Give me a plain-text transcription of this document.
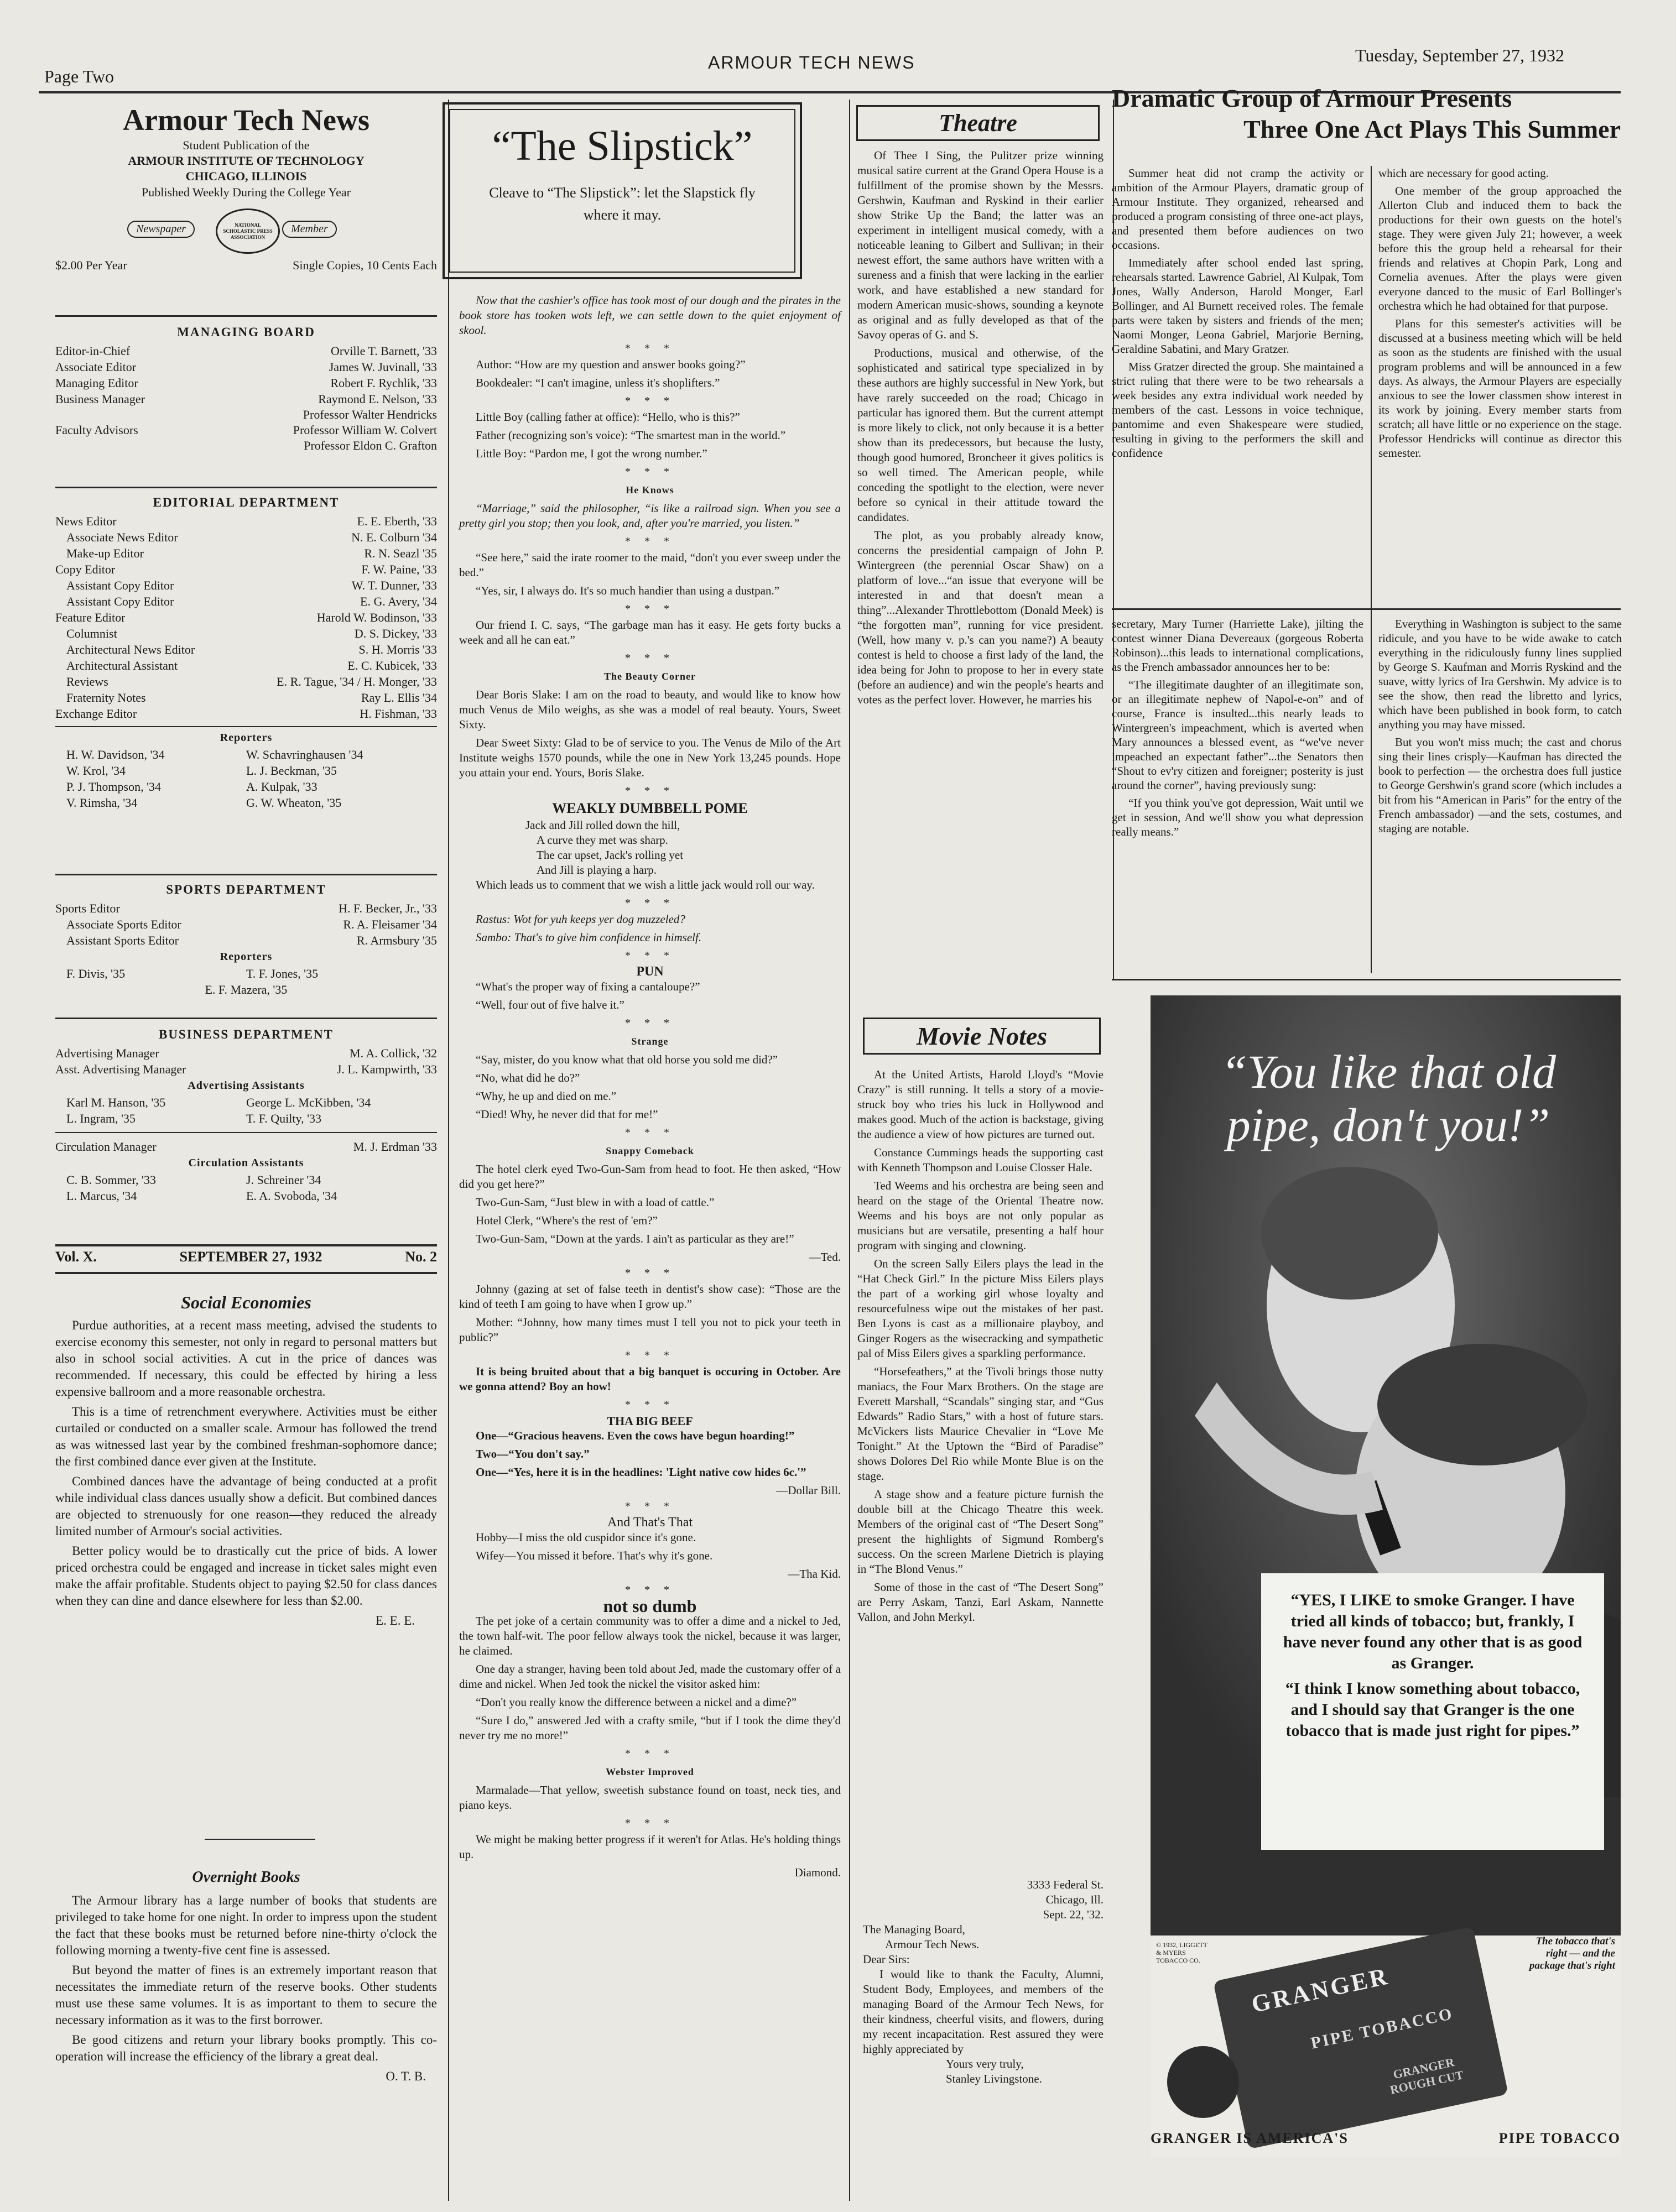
Page Two
ARMOUR TECH NEWS	Tuesday, September 27, 1932
Armour Tech News
Student Publication of the
ARMOUR INSTITUTE OF TECHNOLOGY
CHICAGO, ILLINOIS
Published Weekly During the College Year
Newspaper	NATIONAL SCHOLASTIC PRESS ASSOCIATION
Member
$2.00 Per Year	Single Copies, 10 Cents Each
MANAGING BOARD
Editor-in-Chief	Orville T. Barnett, '33
Associate Editor	James W. Juvinall, '33
Managing Editor	Robert F. Rychlik, '33
Business Manager	Raymond E. Nelson, '33
Faculty Advisors
Professor Walter Hendricks
Professor William W. Colvert
Professor Eldon C. Grafton
EDITORIAL DEPARTMENT
News Editor	E. E. Eberth, '33
Associate News Editor	N. E. Colburn '34
Make-up Editor	R. N. Seazl '35
Copy Editor	F. W. Paine, '33
Assistant Copy Editor	W. T. Dunner, '33
Assistant Copy Editor	E. G. Avery, '34
Feature Editor	Harold W. Bodinson, '33
Columnist	D. S. Dickey, '33
Architectural News Editor	S. H. Morris '33
Architectural Assistant	E. C. Kubicek, '33
Reviews	E. R. Tague, '34 / H. Monger, '33
Fraternity Notes	Ray L. Ellis '34
Exchange Editor	H. Fishman, '33
Reporters
H. W. Davidson, '34	W. Schavringhausen '34
W. Krol, '34	L. J. Beckman, '35
P. J. Thompson, '34	A. Kulpak, '33
V. Rimsha, '34	G. W. Wheaton, '35
SPORTS DEPARTMENT
Sports Editor	H. F. Becker, Jr., '33
Associate Sports Editor	R. A. Fleisamer '34
Assistant Sports Editor	R. Armsbury '35
Reporters
F. Divis, '35	T. F. Jones, '35
E. F. Mazera, '35
BUSINESS DEPARTMENT
Advertising Manager	M. A. Collick, '32
Asst. Advertising Manager	J. L. Kampwirth, '33
Advertising Assistants
Karl M. Hanson, '35	George L. McKibben, '34
L. Ingram, '35	T. F. Quilty, '33
Circulation Manager	M. J. Erdman '33
Circulation Assistants
C. B. Sommer, '33	J. Schreiner '34
L. Marcus, '34	E. A. Svoboda, '34
Vol. X.	SEPTEMBER 27, 1932	No. 2
Social Economies

Purdue authorities, at a recent mass meeting, advised the students to exercise economy this semester, not only in regard to personal matters but also in school social activities. A cut in the price of dances was recommended. If necessary, this could be effected by hiring a less expensive ballroom and a more reasonable orchestra.

This is a time of retrenchment everywhere. Activities must be either curtailed or conducted on a smaller scale. Armour has followed the trend as was witnessed last year by the combined freshman-sophomore dance; the first combined dance ever given at the Institute.

Combined dances have the advantage of being conducted at a profit while individual class dances usually show a deficit. But combined dances are objected to strenuously for one reason—they reduced the already limited number of Armour's social activities.

Better policy would be to drastically cut the price of bids. A lower priced orchestra could be engaged and increase in ticket sales might even make the affair profitable. Students object to paying $2.50 for class dances when they can dine and dance elsewhere for less than $2.00.

E. E. E.
Overnight Books

The Armour library has a large number of books that students are privileged to take home for one night. In order to impress upon the student the fact that these books must be returned before nine-thirty o'clock the following morning a twenty-five cent fine is assessed.

But beyond the matter of fines is an extremely important reason that necessitates the immediate return of the reserve books. Other students must use these same volumes. It is as important to them to secure the necessary information as it was to the first borrower.

Be good citizens and return your library books promptly. This co-operation will increase the efficiency of the library a great deal.

O. T. B.
“The Slipstick”
Cleave to “The Slipstick”: let the Slapstick fly where it may.

Now that the cashier's office has took most of our dough and the pirates in the book store has tooken wots left, we can settle down to the quiet enjoyment of skool.

* * *

Author: “How are my question and answer books going?”

Bookdealer: “I can't imagine, unless it's shoplifters.”

* * *

Little Boy (calling father at office): “Hello, who is this?”

Father (recognizing son's voice): “The smartest man in the world.”

Little Boy: “Pardon me, I got the wrong number.”

* * *
He Knows

“Marriage,” said the philosopher, “is like a railroad sign. When you see a pretty girl you stop; then you look, and, after you're married, you listen.”

* * *

“See here,” said the irate roomer to the maid, “don't you ever sweep under the bed.”

“Yes, sir, I always do. It's so much handier than using a dustpan.”

* * *

Our friend I. C. says, “The garbage man has it easy. He gets forty bucks a week and all he can eat.”

* * *
The Beauty Corner

Dear Boris Slake: I am on the road to beauty, and would like to know how much Venus de Milo weighs, as she was a model of real beauty. Yours, Sweet Sixty.

Dear Sweet Sixty: Glad to be of service to you. The Venus de Milo of the Art Institute weighs 1570 pounds, while the one in New York 13,245 pounds. Hope you attain your end. Yours, Boris Slake.

* * *
WEAKLY DUMBBELL POME
Jack and Jill rolled down the hill,
A curve they met was sharp.
The car upset, Jack's rolling yet
And Jill is playing a harp.

Which leads us to comment that we wish a little jack would roll our way.

* * *

Rastus: Wot for yuh keeps yer dog muzzeled?

Sambo: That's to give him confidence in himself.

* * *
PUN

“What's the proper way of fixing a cantaloupe?”

“Well, four out of five halve it.”

* * *
Strange

“Say, mister, do you know what that old horse you sold me did?”

“No, what did he do?”

“Why, he up and died on me.”

“Died! Why, he never did that for me!”

* * *
Snappy Comeback

The hotel clerk eyed Two-Gun-Sam from head to foot. He then asked, “How did you get here?”

Two-Gun-Sam, “Just blew in with a load of cattle.”

Hotel Clerk, “Where's the rest of 'em?”

Two-Gun-Sam, “Down at the yards. I ain't as particular as they are!”

—Ted.
* * *

Johnny (gazing at set of false teeth in dentist's show case): “Those are the kind of teeth I am going to have when I grow up.”

Mother: “Johnny, how many times must I tell you not to pick your teeth in public?”

* * *

It is being bruited about that a big banquet is occuring in October. Are we gonna attend? Boy an how!

* * *
THA BIG BEEF

One—“Gracious heavens. Even the cows have begun hoarding!”

Two—“You don't say.”

One—“Yes, here it is in the headlines: 'Light native cow hides 6c.'”

—Dollar Bill.
* * *
And That's That

Hobby—I miss the old cuspidor since it's gone.

Wifey—You missed it before. That's why it's gone.

—Tha Kid.
* * *
not so dumb

The pet joke of a certain community was to offer a dime and a nickel to Jed, the town half-wit. The poor fellow always took the nickel, because it was larger, he claimed.

One day a stranger, having been told about Jed, made the customary offer of a dime and nickel. When Jed took the nickel the visitor asked him:

“Don't you really know the difference between a nickel and a dime?”

“Sure I do,” answered Jed with a crafty smile, “but if I took the dime they'd never try me no more!”

* * *
Webster Improved

Marmalade—That yellow, sweetish substance found on toast, neck ties, and piano keys.

* * *

We might be making better progress if it weren't for Atlas. He's holding things up.

Diamond.
Theatre

Of Thee I Sing, the Pulitzer prize winning musical satire current at the Grand Opera House is a fulfillment of the promise shown by the Messrs. Gershwin, Kaufman and Ryskind in their earlier show Strike Up the Band; the latter was an experiment in intelligent musical comedy, with a noticeable leaning to Gilbert and Sullivan; in their newest effort, the same authors have written with a sureness and a finish that were lacking in the earlier work, and have established a new standard for modern American music-shows, sounding a keynote as original and as fully developed as that of the Savoy operas of G. and S.

Productions, musical and otherwise, of the sophisticated and satirical type specialized in by these authors are highly successful in New York, but have rarely succeeded on the road; Chicago in particular has ignored them. But the current attempt is more likely to click, not only because it is a better show than its predecessors, but because the lusty, though good humored, Broncheer it gives politics is so well timed. The American people, while conceding the spotlight to the election, were never before so cynical in their attitude toward the candidates.

The plot, as you probably already know, concerns the presidential campaign of John P. Wintergreen (the perennial Oscar Shaw) on a platform of love...“an issue that everyone will be interested in and that doesn't mean a thing”...Alexander Throttlebottom (Donald Meek) is “the forgotten man”, running for vice president. (Well, how many v. p.'s can you name?) A beauty contest is held to choose a first lady of the land, the idea being for John to propose to her in every state (before an audience) and win the people's hearts and votes as the perfect lover. However, he marries his

Movie Notes

At the United Artists, Harold Lloyd's “Movie Crazy” is still running. It tells a story of a movie-struck boy who tries his luck in Hollywood and makes good. Much of the action is backstage, giving the audience a view of how pictures are turned out.

Constance Cummings heads the supporting cast with Kenneth Thompson and Louise Closser Hale.

Ted Weems and his orchestra are being seen and heard on the stage of the Oriental Theatre now. Weems and his boys are not only popular as musicians but are versatile, presenting a half hour program with singing and clowning.

On the screen Sally Eilers plays the lead in the “Hat Check Girl.” In the picture Miss Eilers plays the part of a working girl whose loyalty and resourcefulness wipe out the mistakes of her past. Ben Lyons is cast as a millionaire playboy, and Ginger Rogers as the wisecracking and sympathetic pal of Miss Eilers gives a sparkling performance.

“Horsefeathers,” at the Tivoli brings those nutty maniacs, the Four Marx Brothers. On the stage are Everett Marshall, “Scandals” singing star, and “Gus Edwards” Radio Stars,” with a host of future stars. McVickers lists Maurice Chevalier in “Love Me Tonight.” At the Uptown the “Bird of Paradise” shows Dolores Del Rio while Monte Blue is on the stage.

A stage show and a feature picture furnish the double bill at the Chicago Theatre this week. Members of the original cast of “The Desert Song” present the highlights of Sigmund Romberg's success. On the screen Marlene Dietrich is playing in “The Blond Venus.”

Some of those in the cast of “The Desert Song” are Perry Askam, Tanzi, Earl Askam, Nannette Vallon, and John Merkyl.

3333 Federal St.
Chicago, Ill.
Sept. 22, '32.
The Managing Board,
Armour Tech News.
Dear Sirs:
I would like to thank the Faculty, Alumni, Student Body, Employees, and members of the managing Board of the Armour Tech News, for their kindness, cheerful visits, and flowers, during my recent incapacitation. Rest assured they were highly appreciated by
Yours very truly,
Stanley Livingstone.
Dramatic Group of Armour Presents
Three One Act Plays This Summer

Summer heat did not cramp the activity or ambition of the Armour Players, dramatic group of Armour Institute. They organized, rehearsed and produced a program consisting of three one-act plays, and presented them before audiences on two occasions.

Immediately after school ended last spring, rehearsals started. Lawrence Gabriel, Al Kulpak, Tom Jones, Wally Anderson, Harold Monger, Earl Bollinger, and Al Burnett received roles. The female parts were taken by sisters and friends of the men; Naomi Monger, Leona Gabriel, Marjorie Berning, Geraldine Sabatini, and Mary Gratzer.

Miss Gratzer directed the group. She maintained a strict ruling that there were to be two rehearsals a week besides any extra individual work needed by members of the cast. Lessons in voice technique, pantomime and even Shakespeare were studied, resulting in giving to the performers the skill and confidence

which are necessary for good acting.

One member of the group approached the Allerton Club and induced them to back the productions for their own guests on the hotel's stage. They were given July 21; however, a week before this the group held a rehearsal for their friends and relatives at Chopin Park, Long and Cornelia avenues. After the plays were given everyone danced to the music of Earl Bollinger's orchestra which he had obtained for that purpose.

Plans for this semester's activities will be discussed at a business meeting which will be held as soon as the students are finished with the usual program problems and will be announced in a few days. As always, the Armour Players are especially anxious to see the lower classmen show interest in its work by joining. Every member starts from scratch; all have little or no experience on the stage. Professor Hendricks will continue as director this semester.

secretary, Mary Turner (Harriette Lake), jilting the contest winner Diana Devereaux (gorgeous Roberta Robinson)...this leads to international complications, as the French ambassador announces her to be:

“The illegitimate daughter of an illegitimate son, or an illegitimate nephew of Napol-e-on” and of course, France is insulted...this nearly leads to Wintergreen's impeachment, which is averted when Mary announces a blessed event, as “we've never impeached an expectant father”...the Senators then “Shout to ev'ry citizen and foreigner; posterity is just around the corner”, having previously sung:

“If you think you've got depression, Wait until we get in session, And we'll show you what depression really means.”

Everything in Washington is subject to the same ridicule, and you have to be wide awake to catch everything in the ridiculously funny lines supplied by George S. Kaufman and Morris Ryskind and the suave, witty lyrics of Ira Gershwin. My advice is to see the show, then read the libretto and lyrics, which have been published in book form, to catch anything you may have missed.

But you won't miss much; the cast and chorus sing their lines crisply—Kaufman has directed the book to perfection — the orchestra does full justice to George Gershwin's grand score (which includes a bit from his “American in Paris” for the entry of the French ambassador) —and the sets, costumes, and staging are notable.

“You like that old pipe, don't you!”
“YES, I LIKE to smoke Granger. I have tried all kinds of tobacco; but, frankly, I have never found any other that is as good as Granger.
“I think I know something about tobacco, and I should say that Granger is the one tobacco that is made just right for pipes.”
© 1932, LIGGETT & MYERS TOBACCO CO.
The tobacco that's right — and the package that's right
GRANGER
PIPE TOBACCO
GRANGER ROUGH CUT
GRANGER IS AMERICA'S	PIPE TOBACCO
